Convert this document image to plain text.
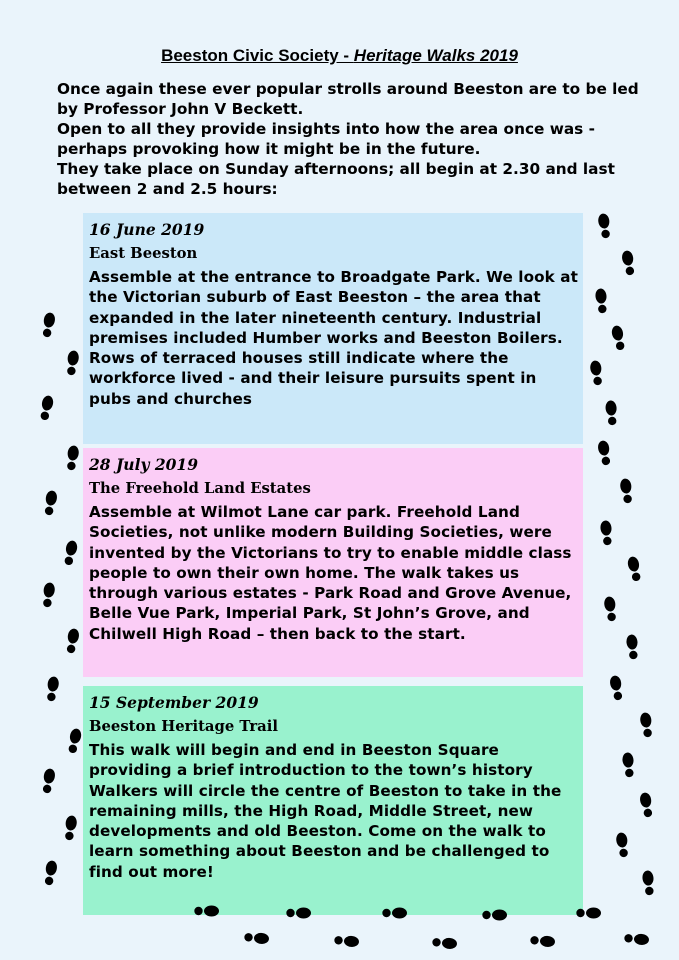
Beeston Civic Society - Heritage Walks 2019

Once again these ever popular strolls around Beeston are to be led by Professor John V Beckett.

Open to all they provide insights into how the area once was - perhaps provoking how it might be in the future.

They take place on Sunday afternoons; all begin at 2.30 and last between 2 and 2.5 hours:

16 June 2019
East Beeston
Assemble at the entrance to Broadgate Park. We look at the Victorian suburb of East Beeston – the area that expanded in the later nineteenth century. Industrial premises included Humber works and Beeston Boilers. Rows of terraced houses still indicate where the workforce lived - and their leisure pursuits spent in pubs and churches
28 July 2019
The Freehold Land Estates
Assemble at Wilmot Lane car park. Freehold Land Societies, not unlike modern Building Societies, were invented by the Victorians to try to enable middle class people to own their own home. The walk takes us through various estates - Park Road and Grove Avenue, Belle Vue Park, Imperial Park, St John’s Grove, and Chilwell High Road – then back to the start.
15 September 2019
Beeston Heritage Trail
This walk will begin and end in Beeston Square providing a brief introduction to the town’s history Walkers will circle the centre of Beeston to take in the remaining mills, the High Road, Middle Street, new developments and old Beeston. Come on the walk to learn something about Beeston and be challenged to find out more!
